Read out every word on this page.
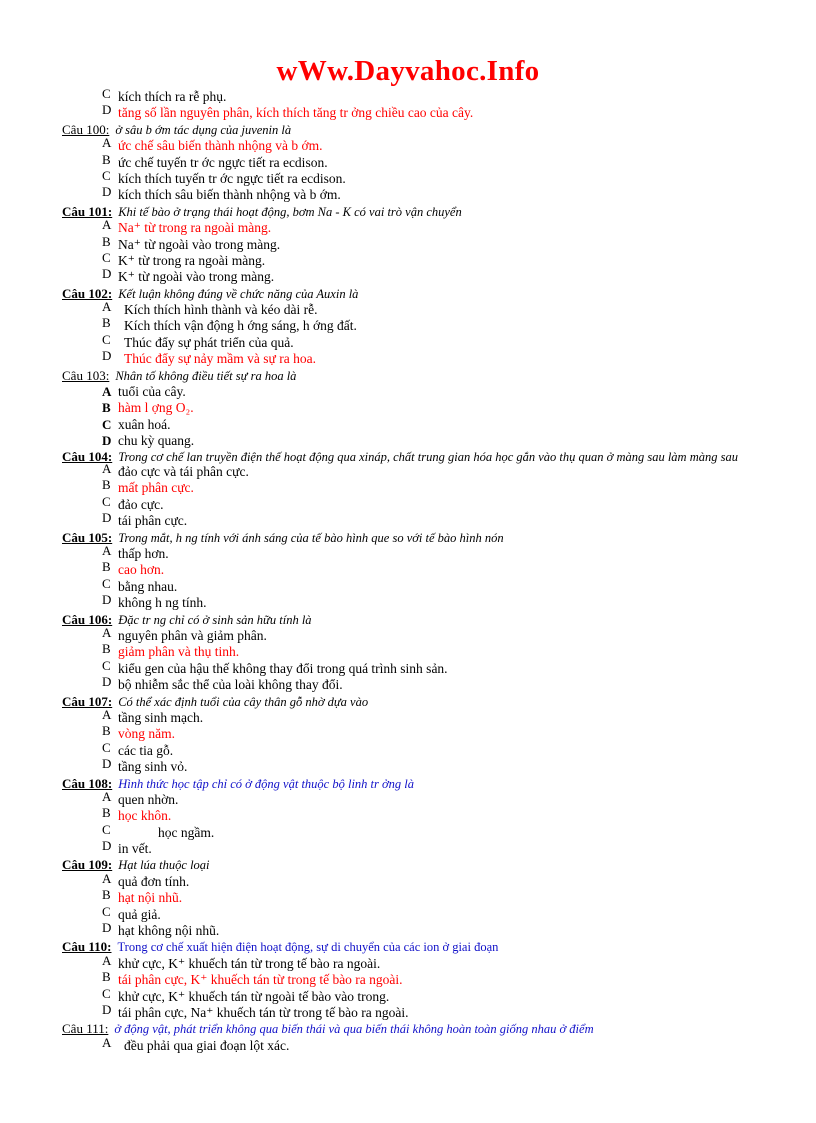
wWw.Dayvahoc.Info
C kích thích ra rễ phụ.
D tăng số lần nguyên phân, kích thích tăng tr ởng chiều cao của cây.
Câu 100: ở sâu b ớm tác dụng của juvenin là
A ức chế sâu biến thành nhộng và b ớm.
B ức chế tuyến tr ớc ngực tiết ra ecdison.
C kích thích tuyến tr ớc ngực tiết ra ecdison.
D kích thích sâu biến thành nhộng và b ớm.
Câu 101: Khi tế bào ở trạng thái hoạt động, bơm Na - K có vai trò vận chuyển
A Na⁺ từ trong ra ngoài màng.
B Na⁺ từ ngoài vào trong màng.
C K⁺ từ trong ra ngoài màng.
D K⁺ từ ngoài vào trong màng.
Câu 102: Kết luận không đúng về chức năng của Auxin là
A Kích thích hình thành và kéo dài rễ.
B Kích thích vận động h ớng sáng, h ớng đất.
C Thúc đẩy sự phát triển của quả.
D Thúc đẩy sự nảy mầm và sự ra hoa.
Câu 103: Nhân tố không điều tiết sự ra hoa là
A tuổi của cây.
B hàm l ợng O₂.
C xuân hoá.
D chu kỳ quang.
Câu 104: Trong cơ chế lan truyền điện thế hoạt động qua xináp, chất trung gian hóa học gắn vào thụ quan ở màng sau làm màng sau
A đảo cực và tái phân cực.
B mất phân cực.
C đảo cực.
D tái phân cực.
Câu 105: Trong mắt, h ng tính với ánh sáng của tế bào hình que so với tế bào hình nón
A thấp hơn.
B cao hơn.
C bằng nhau.
D không h ng tính.
Câu 106: Đặc tr ng chỉ có ở sinh sản hữu tính là
A nguyên phân và giảm phân.
B giảm phân và thụ tinh.
C kiểu gen của hậu thế không thay đổi trong quá trình sinh sản.
D bộ nhiễm sắc thể của loài không thay đổi.
Câu 107: Có thể xác định tuổi của cây thân gỗ nhờ dựa vào
A tầng sinh mạch.
B vòng năm.
C các tia gỗ.
D tầng sinh vỏ.
Câu 108: Hình thức học tập chỉ có ở động vật thuộc bộ linh tr ởng là
A quen nhờn.
B học khôn.
C	học ngầm.
D in vết.
Câu 109: Hạt lúa thuộc loại
A quả đơn tính.
B hạt nội nhũ.
C quả giả.
D hạt không nội nhũ.
Câu 110: Trong cơ chế xuất hiện điện hoạt động, sự di chuyển của các ion ở giai đoạn
A khử cực, K⁺ khuếch tán từ trong tế bào ra ngoài.
B tái phân cực, K⁺ khuếch tán từ trong tế bào ra ngoài.
C khử cực, K⁺ khuếch tán từ ngoài tế bào vào trong.
D tái phân cực, Na⁺ khuếch tán từ trong tế bào ra ngoài.
Câu 111: ở động vật, phát triển không qua biến thái và qua biến thái không hoàn toàn giống nhau ở điểm
A đều phải qua giai đoạn lột xác.
